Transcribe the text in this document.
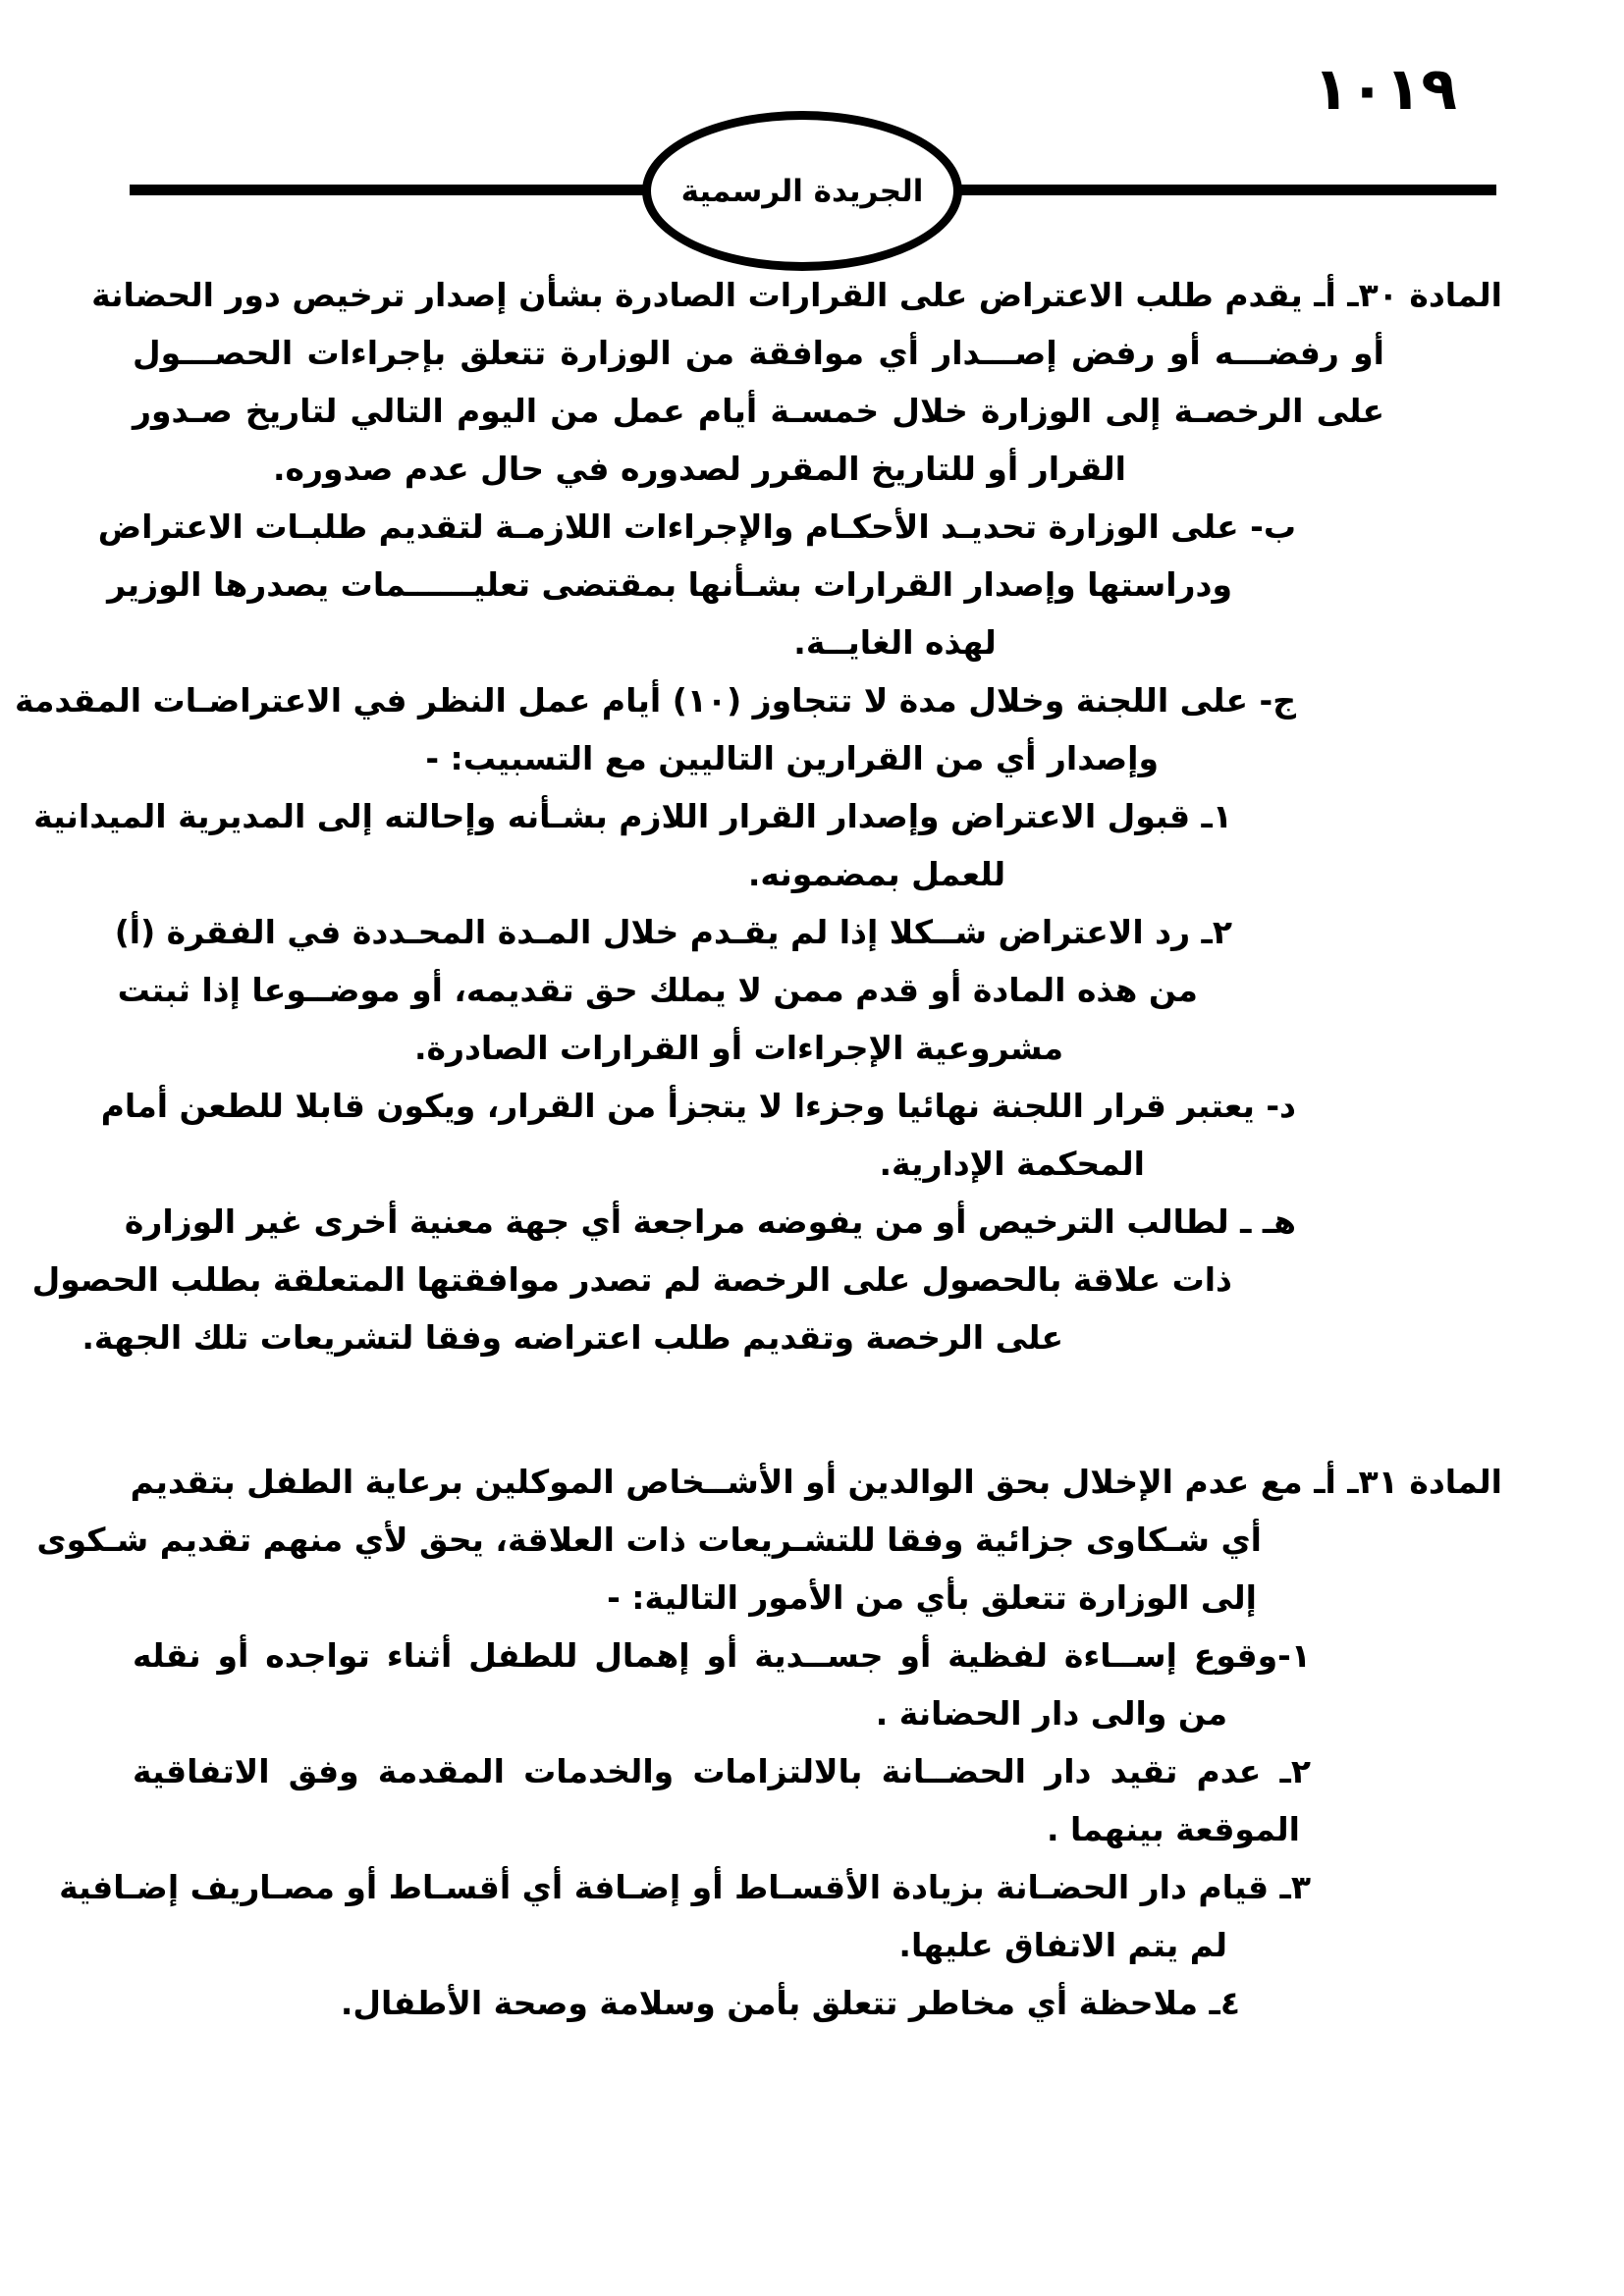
١٠١٩
الجريدة الرسمية
المادة ٣٠ـ أـ يقدم طلب الاعتراض على القرارات الصادرة بشأن إصدار ترخيص دور الحضانة
أو رفضـــه أو رفض إصـــدار أي موافقة من الوزارة تتعلق بإجراءات الحصـــول
على الرخصـة إلى الوزارة خلال خمسـة أيام عمل من اليوم التالي لتاريخ صـدور
القرار أو للتاريخ المقرر لصدوره في حال عدم صدوره.
ب- على الوزارة تحديـد الأحكـام والإجراءات اللازمـة لتقديم طلبـات الاعتراض
ودراستها وإصدار القرارات بشـأنها بمقتضى تعليــــــمات يصدرها الوزير
لهذه الغايــة.
ج- على اللجنة وخلال مدة لا تتجاوز (١٠) أيام عمل النظر في الاعتراضـات المقدمة
وإصدار أي من القرارين التاليين مع التسبيب: -
١ـ قبول الاعتراض وإصدار القرار اللازم بشـأنه وإحالته إلى المديرية الميدانية
للعمل بمضمونه.
٢ـ رد الاعتراض شــكلا إذا لم يقـدم خلال المـدة المحـددة في الفقرة (أ)
من هذه المادة أو قدم ممن لا يملك حق تقديمه، أو موضــوعا إذا ثبتت
مشروعية الإجراءات أو القرارات الصادرة.
د- يعتبر قرار اللجنة نهائيا وجزءا لا يتجزأ من القرار، ويكون قابلا للطعن أمام
المحكمة الإدارية.
هـ ـ لطالب الترخيص أو من يفوضه مراجعة أي جهة معنية أخرى غير الوزارة
ذات علاقة بالحصول على الرخصة لم تصدر موافقتها المتعلقة بطلب الحصول
على الرخصة وتقديم طلب اعتراضه وفقا لتشريعات تلك الجهة.
المادة ٣١ـ أـ مع عدم الإخلال بحق الوالدين أو الأشــخاص الموكلين برعاية الطفل بتقديم
أي شـكاوى جزائية وفقا للتشـريعات ذات العلاقة، يحق لأي منهم تقديم شـكوى
إلى الوزارة تتعلق بأي من الأمور التالية: -
١-وقوع إســاءة لفظية أو جســدية أو إهمال للطفل أثناء تواجده أو نقله
من والى دار الحضانة .
٢ـ عدم تقيد دار الحضــانة بالالتزامات والخدمات المقدمة وفق الاتفاقية
الموقعة بينهما .
٣ـ قيام دار الحضـانة بزيادة الأقسـاط أو إضـافة أي أقسـاط أو مصـاريف إضـافية
لم يتم الاتفاق عليها.
٤ـ ملاحظة أي مخاطر تتعلق بأمن وسلامة وصحة الأطفال.
